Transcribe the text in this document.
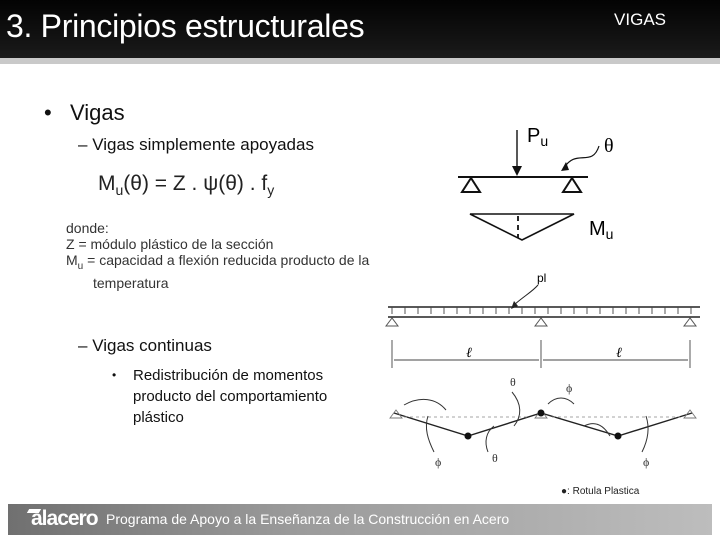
3. Principios estructurales	VIGAS
• Vigas
– Vigas simplemente apoyadas
$M_u(\theta) = Z$ . ψ(θ) . $f_y$
donde:
Z = módulo plástico de la sección
$M_u$ = capacidad a flexión reducida producto de la
temperatura
– Vigas continuas
• Redistribución de momentos producto del comportamiento plástico
$P_u$	θ
$M_u$
pl
ℓ	ℓ
θ
θ
ϕ
ϕ
ϕ
●: Rotula Plastica
alacero Programa de Apoyo a la Enseñanza de la Construcción en Acero
